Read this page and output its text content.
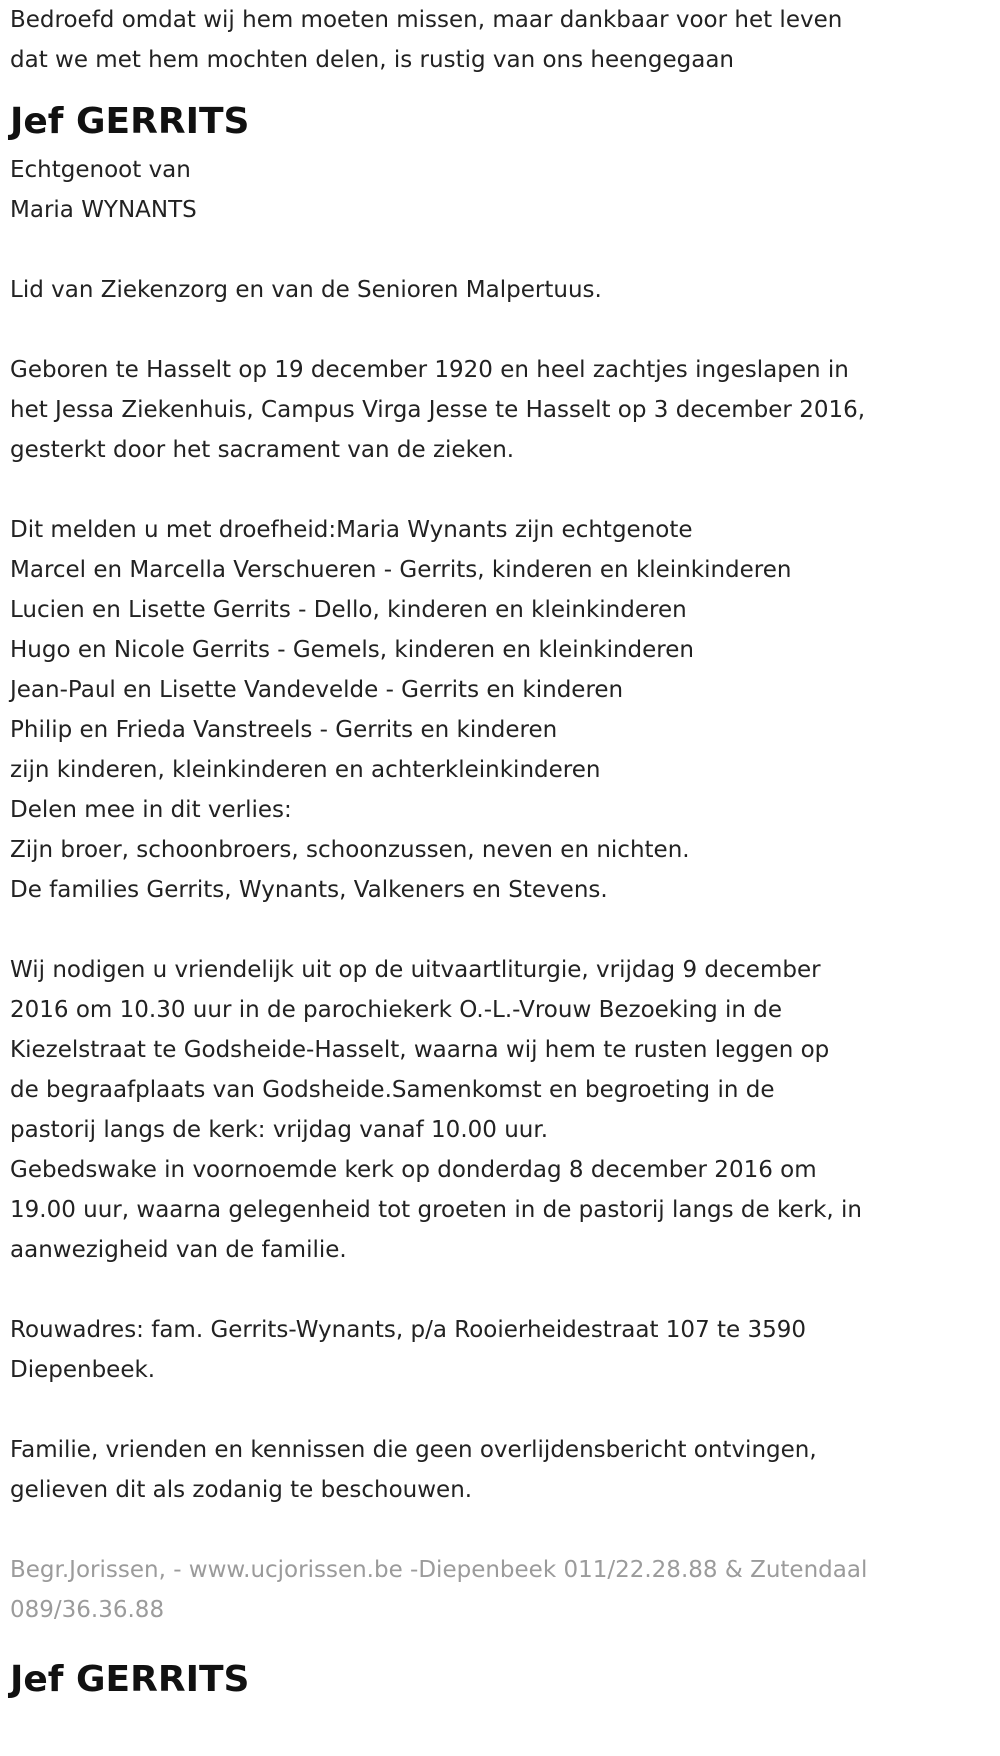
Bedroefd omdat wij hem moeten missen, maar dankbaar voor het leven
dat we met hem mochten delen, is rustig van ons heengegaan
Jef GERRITS
Echtgenoot van
Maria WYNANTS
Lid van Ziekenzorg en van de Senioren Malpertuus.
Geboren te Hasselt op 19 december 1920 en heel zachtjes ingeslapen in
het Jessa Ziekenhuis, Campus Virga Jesse te Hasselt op 3 december 2016,
gesterkt door het sacrament van de zieken.
Dit melden u met droefheid:Maria Wynants zijn echtgenote
Marcel en Marcella Verschueren - Gerrits, kinderen en kleinkinderen
Lucien en Lisette Gerrits - Dello, kinderen en kleinkinderen
Hugo en Nicole Gerrits - Gemels, kinderen en kleinkinderen
Jean-Paul en Lisette Vandevelde - Gerrits en kinderen
Philip en Frieda Vanstreels - Gerrits en kinderen
zijn kinderen, kleinkinderen en achterkleinkinderen
Delen mee in dit verlies:
Zijn broer, schoonbroers, schoonzussen, neven en nichten.
De families Gerrits, Wynants, Valkeners en Stevens.
Wij nodigen u vriendelijk uit op de uitvaartliturgie, vrijdag 9 december
2016 om 10.30 uur in de parochiekerk O.-L.-Vrouw Bezoeking in de
Kiezelstraat te Godsheide-Hasselt, waarna wij hem te rusten leggen op
de begraafplaats van Godsheide.Samenkomst en begroeting in de
pastorij langs de kerk: vrijdag vanaf 10.00 uur.
Gebedswake in voornoemde kerk op donderdag 8 december 2016 om
19.00 uur, waarna gelegenheid tot groeten in de pastorij langs de kerk, in
aanwezigheid van de familie.
Rouwadres: fam. Gerrits-Wynants, p/a Rooierheidestraat 107 te 3590
Diepenbeek.
Familie, vrienden en kennissen die geen overlijdensbericht ontvingen,
gelieven dit als zodanig te beschouwen.
Begr.Jorissen, - www.ucjorissen.be -Diepenbeek 011/22.28.88 & Zutendaal
089/36.36.88
Jef GERRITS
